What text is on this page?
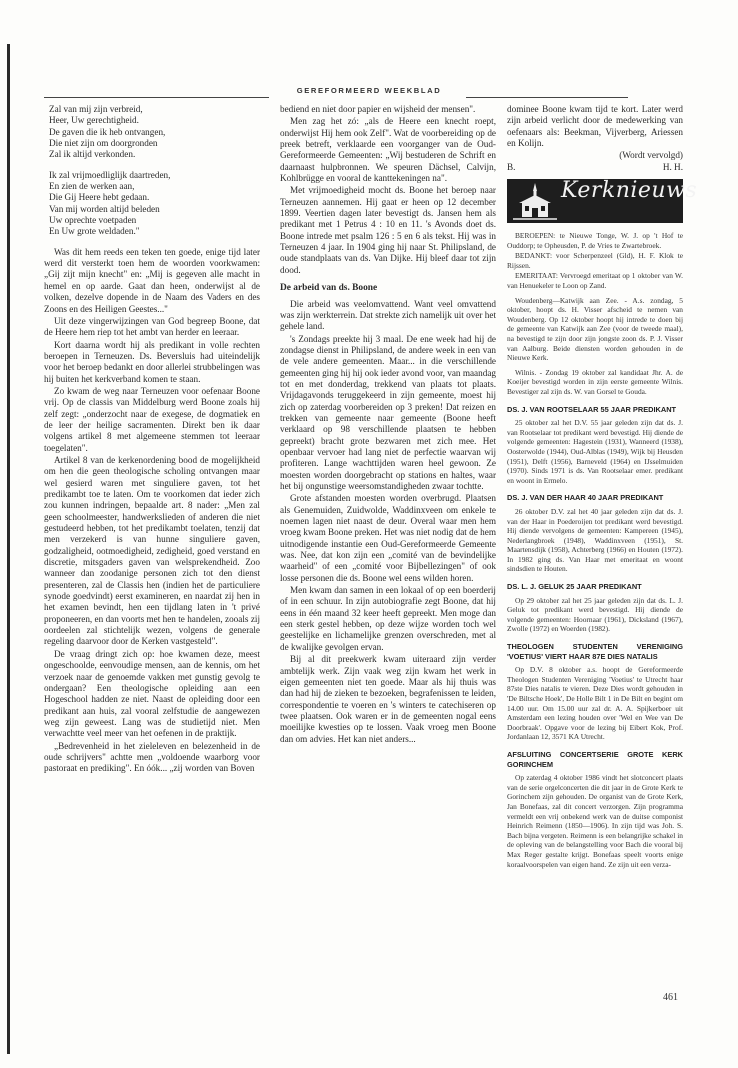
GEREFORMEERD WEEKBLAD
Zal van mij zijn verbreid,
Heer, Uw gerechtigheid.
De gaven die ik heb ontvangen,
Die niet zijn om doorgronden
Zal ik altijd verkonden.
Ik zal vrijmoedliglijk daartreden,
En zien de werken aan,
Die Gij Heere hebt gedaan.
Van mij worden altijd beleden
Uw oprechte voetpaden
En Uw grote weldaden."

Was dit hem reeds een teken ten goede, enige tijd later werd dit versterkt toen hem de woorden voorkwamen: „Gij zijt mijn knecht" en: „Mij is gegeven alle macht in hemel en op aarde. Gaat dan heen, onderwijst al de volken, dezelve dopende in de Naam des Vaders en des Zoons en des Heiligen Geestes..."

Uit deze vingerwijzingen van God begreep Boone, dat de Heere hem riep tot het ambt van herder en leeraar.

Kort daarna wordt hij als predikant in volle rechten beroepen in Terneuzen. Ds. Beversluis had uiteindelijk voor het beroep bedankt en door allerlei strubbelingen was hij buiten het kerkverband komen te staan.

Zo kwam de weg naar Terneuzen voor oefenaar Boone vrij. Op de classis van Middelburg werd Boone zoals hij zelf zegt: „onderzocht naar de exegese, de dogmatiek en de leer der heilige sacramenten. Direkt ben ik daar volgens artikel 8 met algemeene stemmen tot leeraar toegelaten".

Artikel 8 van de kerkenordening bood de mogelijkheid om hen die geen theologische scholing ontvangen maar wel gesierd waren met singuliere gaven, tot het predikambt toe te laten. Om te voorkomen dat ieder zich zou kunnen indringen, bepaalde art. 8 nader: „Men zal geen schoolmeester, handwerkslieden of anderen die niet gestudeerd hebben, tot het predikambt toelaten, tenzij dat men verzekerd is van hunne singuliere gaven, godzaligheid, ootmoedigheid, zedigheid, goed verstand en discretie, mitsgaders gaven van welsprekendheid. Zoo wanneer dan zoodanige personen zich tot den dienst presenteren, zal de Classis hen (indien het de particuliere synode goedvindt) eerst examineren, en naardat zij hen in het examen bevindt, hen een tijdlang laten in 't privé proponeeren, en dan voorts met hen te handelen, zooals zij oordeelen zal stichtelijk wezen, volgens de generale regeling daarvoor door de Kerken vastgesteld".

De vraag dringt zich op: hoe kwamen deze, meest ongeschoolde, eenvoudige mensen, aan de kennis, om het verzoek naar de genoemde vakken met gunstig gevolg te ondergaan? Een theologische opleiding aan een Hogeschool hadden ze niet. Naast de opleiding door een predikant aan huis, zal vooral zelfstudie de aangewezen weg zijn geweest. Lang was de studietijd niet. Men verwachtte veel meer van het oefenen in de praktijk.

„Bedrevenheid in het zieleleven en belezenheid in de oude schrijvers" achtte men „voldoende waarborg voor pastoraat en prediking". En óók... „zij worden van Boven

bediend en niet door papier en wijsheid der mensen".

Men zag het zó: „als de Heere een knecht roept, onderwijst Hij hem ook Zelf". Wat de voorbereiding op de preek betreft, verklaarde een voorganger van de Oud-Gereformeerde Gemeenten: „Wij bestuderen de Schrift en daarnaast hulpbronnen. We speuren Dächsel, Calvijn, Kohlbrügge en vooral de kanttekeningen na".

Met vrijmoedigheid mocht ds. Boone het beroep naar Terneuzen aannemen. Hij gaat er heen op 12 december 1899. Veertien dagen later bevestigt ds. Jansen hem als predikant met 1 Petrus 4 : 10 en 11. 's Avonds doet ds. Boone intrede met psalm 126 : 5 en 6 als tekst. Hij was in Terneuzen 4 jaar. In 1904 ging hij naar St. Philipsland, de oude standplaats van ds. Van Dijke. Hij bleef daar tot zijn dood.

De arbeid van ds. Boone

Die arbeid was veelomvattend. Want veel omvattend was zijn werkterrein. Dat strekte zich namelijk uit over het gehele land.

's Zondags preekte hij 3 maal. De ene week had hij de zondagse dienst in Philipsland, de andere week in een van de vele andere gemeenten. Maar... in die verschillende gemeenten ging hij hij ook ieder avond voor, van maandag tot en met donderdag, trekkend van plaats tot plaats. Vrijdagavonds teruggekeerd in zijn gemeente, moest hij zich op zaterdag voorbereiden op 3 preken! Dat reizen en trekken van gemeente naar gemeente (Boone heeft verklaard op 98 verschillende plaatsen te hebben gepreekt) bracht grote bezwaren met zich mee. Het openbaar vervoer had lang niet de perfectie waarvan wij profiteren. Lange wachttijden waren heel gewoon. Ze moesten worden doorgebracht op stations en haltes, waar het bij ongunstige weersomstandigheden zwaar tochtte.

Grote afstanden moesten worden overbrugd. Plaatsen als Genemuiden, Zuidwolde, Waddinxveen om enkele te noemen lagen niet naast de deur. Overal waar men hem vroeg kwam Boone preken. Het was niet nodig dat de hem uitnodigende instantie een Oud-Gereformeerde Gemeente was. Nee, dat kon zijn een „comité van de bevindelijke waarheid" of een „comité voor Bijbellezingen" of ook losse personen die ds. Boone wel eens wilden horen.

Men kwam dan samen in een lokaal of op een boerderij of in een schuur. In zijn autobiografie zegt Boone, dat hij eens in één maand 32 keer heeft gepreekt. Men moge dan een sterk gestel hebben, op deze wijze worden toch wel geestelijke en lichamelijke grenzen overschreden, met al de kwalijke gevolgen ervan.

Bij al dit preekwerk kwam uiteraard zijn verder ambtelijk werk. Zijn vaak weg zijn kwam het werk in eigen gemeenten niet ten goede. Maar als hij thuis was dan had hij de zieken te bezoeken, begrafenissen te leiden, correspondentie te voeren en 's winters te catechiseren op twee plaatsen. Ook waren er in de gemeenten nogal eens moeilijke kwesties op te lossen. Vaak vroeg men Boone dan om advies. Het kan niet anders...

dominee Boone kwam tijd te kort. Later werd zijn arbeid verlicht door de medewerking van oefenaars als: Beekman, Vijverberg, Ariessen en Kolijn.

(Wordt vervolgd)
B.	H. H.
Kerknieuws

BEROEPEN: te Nieuwe Tonge, W. J. op 't Hof te Ouddorp; te Opheusden, P. de Vries te Zwartebroek.

BEDANKT: voor Scherpenzeel (Gld), H. F. Klok te Rijssen.

EMERITAAT: Vervroegd emeritaat op 1 oktober van W. van Henuekeler te Loon op Zand.

Woudenberg—Katwijk aan Zee. - A.s. zondag, 5 oktober, hoopt ds. H. Visser afscheid te nemen van Woudenberg. Op 12 oktober hoopt hij intrede te doen bij de gemeente van Katwijk aan Zee (voor de tweede maal), na bevestigd te zijn door zijn jongste zoon ds. P. J. Visser van Aalburg. Beide diensten worden gehouden in de Nieuwe Kerk.

Wilnis. - Zondag 19 oktober zal kandidaat Jhr. A. de Koeijer bevestigd worden in zijn eerste gemeente Wilnis. Bevestiger zal zijn ds. W. van Gorsel te Gouda.

DS. J. VAN ROOTSELAAR 55 JAAR PREDIKANT

25 oktober zal het D.V. 55 jaar geleden zijn dat ds. J. van Rootselaar tot predikant werd bevestigd. Hij diende de volgende gemeenten: Hagestein (1931), Wanneerd (1938), Oosterwolde (1944), Oud-Alblas (1949), Wijk bij Heusden (1951), Delft (1956), Barneveld (1964) en IJsselmuiden (1970). Sinds 1971 is ds. Van Rootselaar emer. predikant en woont in Ermelo.

DS. J. VAN DER HAAR 40 JAAR PREDIKANT

26 oktober D.V. zal het 40 jaar geleden zijn dat ds. J. van der Haar in Poederoijen tot predikant werd bevestigd. Hij diende vervolgens de gemeenten: Kampereen (1945), Nederlangbroek (1948), Waddinxveen (1951), St. Maartensdijk (1958), Achterberg (1966) en Houten (1972). In 1982 ging ds. Van Haar met emeritaat en woont sindsdien te Houten.

DS. L. J. GELUK 25 JAAR PREDIKANT

Op 29 oktober zal het 25 jaar geleden zijn dat ds. L. J. Geluk tot predikant werd bevestigd. Hij diende de volgende gemeenten: Hoornaar (1961), Dicksland (1967), Zwolle (1972) en Woerden (1982).

THEOLOGEN STUDENTEN VERENIGING 'VOETIUS' VIERT HAAR 87E DIES NATALIS

Op D.V. 8 oktober a.s. hoopt de Gereformeerde Theologen Studenten Vereniging 'Voetius' te Utrecht haar 87ste Dies natalis te vieren. Deze Dies wordt gehouden in 'De Biltsche Hoek', De Holle Bilt 1 in De Bilt en begint om 14.00 uur. Om 15.00 uur zal dr. A. A. Spijkerboer uit Amsterdam een lezing houden over 'Wel en Wee van De Doorbraak'. Opgave voor de lezing bij Eibert Kok, Prof. Jordanlaan 12, 3571 KA Utrecht.

AFSLUITING CONCERTSERIE GROTE KERK GORINCHEM

Op zaterdag 4 oktober 1986 vindt het slotconcert plaats van de serie orgelconcerten die dit jaar in de Grote Kerk te Gorinchem zijn gehouden. De organist van de Grote Kerk, Jan Bonefaas, zal dit concert verzorgen. Zijn programma vermeldt een vrij onbekend werk van de duitse componist Heinrich Reimenn (1850—1906). In zijn tijd was Joh. S. Bach bijna vergeten. Reimenn is een belangrijke schakel in de opleving van de belangstelling voor Bach die vooral bij Max Reger gestalte krijgt. Bonefaas speelt voorts enige koraalvoorspelen van eigen hand. Ze zijn uit een verza-

461
